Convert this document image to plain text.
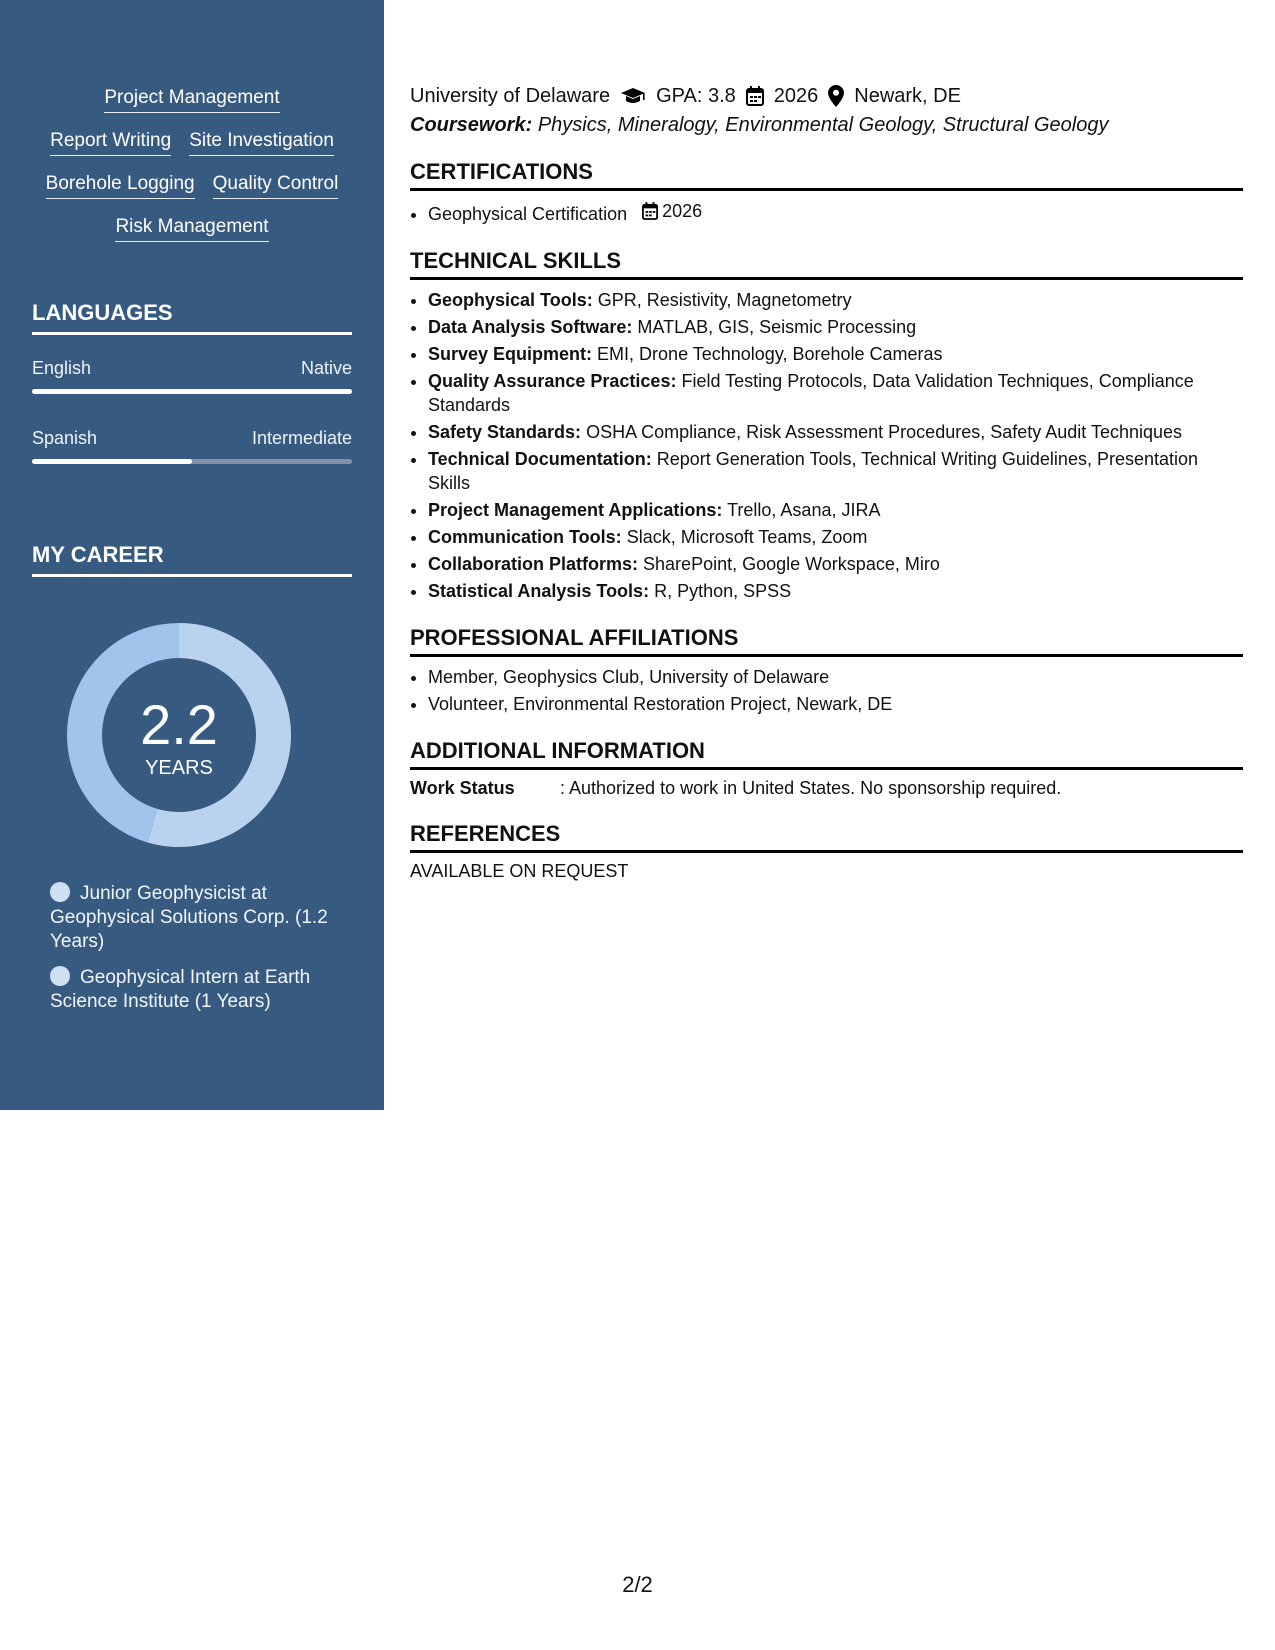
Project Management
Report Writing Site Investigation
Borehole Logging Quality Control
Risk Management
LANGUAGES
English	Native
Spanish	Intermediate
MY CAREER
2.2
YEARS
Junior Geophysicist at Geophysical Solutions Corp. (1.2 Years)
Geophysical Intern at Earth Science Institute (1 Years)
University of Delaware GPA: 3.8 2026 Newark, DE
Coursework: Physics, Mineralogy, Environmental Geology, Structural Geology
CERTIFICATIONS
• Geophysical Certification 2026
TECHNICAL SKILLS
• Geophysical Tools: GPR, Resistivity, Magnetometry
• Data Analysis Software: MATLAB, GIS, Seismic Processing
• Survey Equipment: EMI, Drone Technology, Borehole Cameras
• Quality Assurance Practices: Field Testing Protocols, Data Validation Techniques, Compliance Standards
• Safety Standards: OSHA Compliance, Risk Assessment Procedures, Safety Audit Techniques
• Technical Documentation: Report Generation Tools, Technical Writing Guidelines, Presentation Skills
• Project Management Applications: Trello, Asana, JIRA
• Communication Tools: Slack, Microsoft Teams, Zoom
• Collaboration Platforms: SharePoint, Google Workspace, Miro
• Statistical Analysis Tools: R, Python, SPSS
PROFESSIONAL AFFILIATIONS
• Member, Geophysics Club, University of Delaware
• Volunteer, Environmental Restoration Project, Newark, DE
ADDITIONAL INFORMATION
Work Status	: Authorized to work in United States. No sponsorship required.
REFERENCES
AVAILABLE ON REQUEST
2/2
